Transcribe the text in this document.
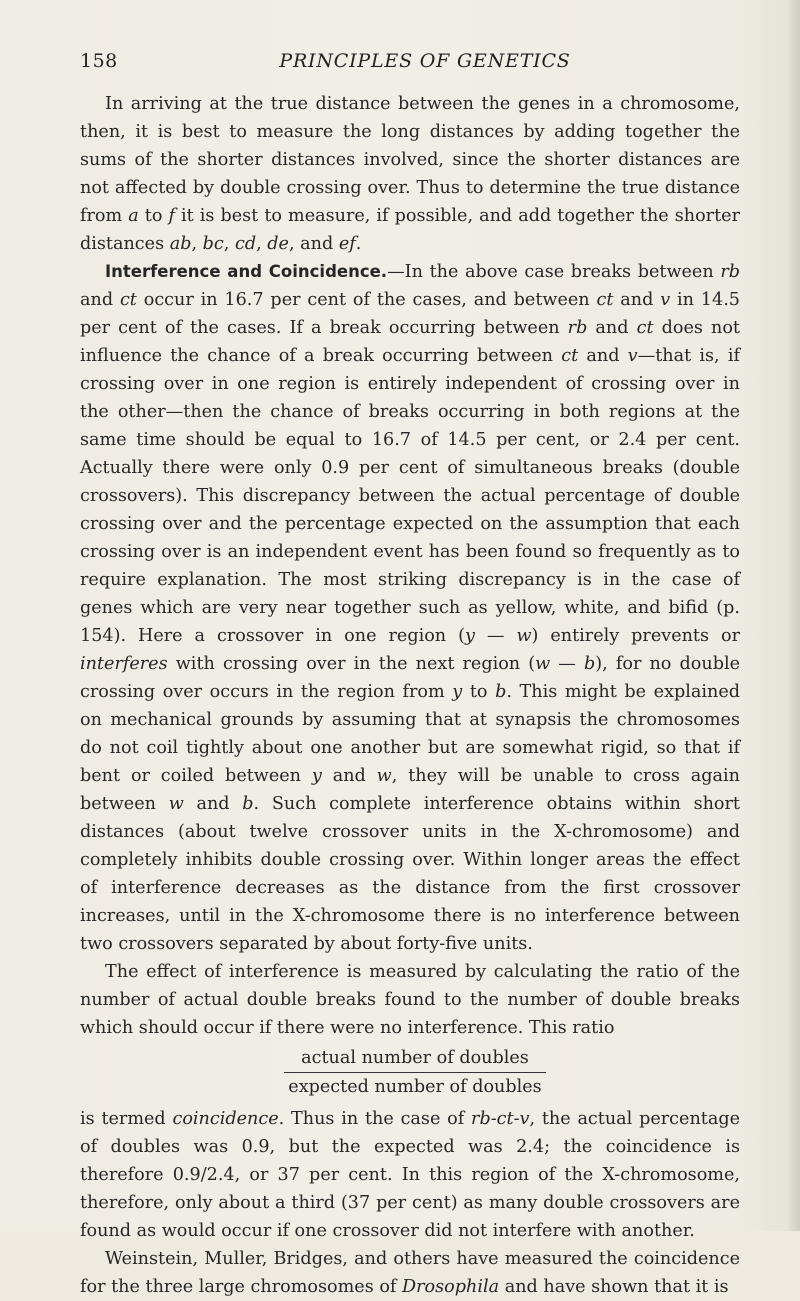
158	PRINCIPLES OF GENETICS

In arriving at the true distance between the genes in a chromosome, then, it is best to measure the long distances by adding together the sums of the shorter distances involved, since the shorter distances are not affected by double crossing over. Thus to determine the true distance from a to f it is best to measure, if possible, and add together the shorter distances ab, bc, cd, de, and ef.

Interference and Coincidence.—In the above case breaks between rb and ct occur in 16.7 per cent of the cases, and between ct and v in 14.5 per cent of the cases. If a break occurring between rb and ct does not influence the chance of a break occurring between ct and v—that is, if crossing over in one region is entirely independent of crossing over in the other—then the chance of breaks occurring in both regions at the same time should be equal to 16.7 of 14.5 per cent, or 2.4 per cent. Actually there were only 0.9 per cent of simultaneous breaks (double crossovers). This discrepancy between the actual percentage of double crossing over and the percentage expected on the assumption that each crossing over is an independent event has been found so frequently as to require explanation. The most striking discrepancy is in the case of genes which are very near together such as yellow, white, and bifid (p. 154). Here a crossover in one region (y — w) entirely prevents or interferes with crossing over in the next region (w — b), for no double crossing over occurs in the region from y to b. This might be explained on mechanical grounds by assuming that at synapsis the chromosomes do not coil tightly about one another but are somewhat rigid, so that if bent or coiled between y and w, they will be unable to cross again between w and b. Such complete interference obtains within short distances (about twelve crossover units in the X-chromosome) and completely inhibits double crossing over. Within longer areas the effect of interference decreases as the distance from the first crossover increases, until in the X-chromosome there is no interference between two crossovers separated by about forty-five units.

The effect of interference is measured by calculating the ratio of the number of actual double breaks found to the number of double breaks which should occur if there were no interference. This ratio

$\frac{\text{actual number of doubles}}{\text{expected number of doubles}}$

is termed coincidence. Thus in the case of rb-ct-v, the actual percentage of doubles was 0.9, but the expected was 2.4; the coincidence is therefore 0.9/2.4, or 37 per cent. In this region of the X-chromosome, therefore, only about a third (37 per cent) as many double crossovers are found as would occur if one crossover did not interfere with another.

Weinstein, Muller, Bridges, and others have measured the coincidence for the three large chromosomes of Drosophila and have shown that it is
